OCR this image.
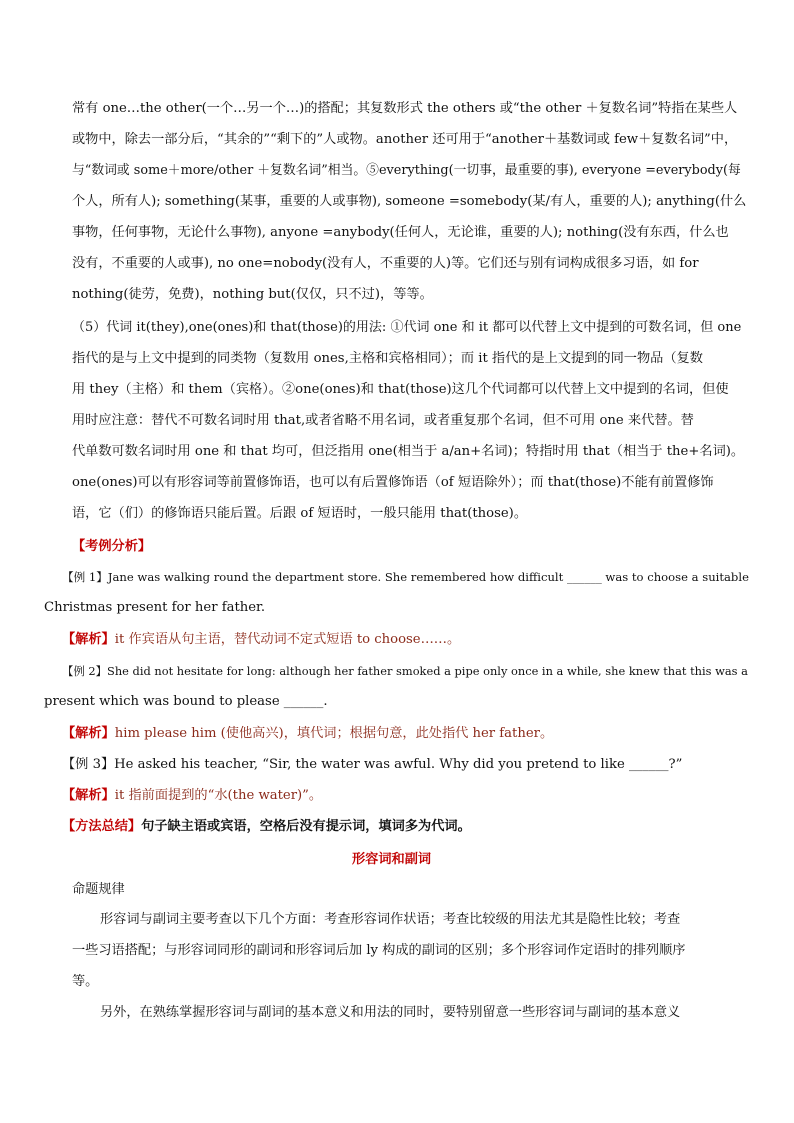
常有 one…the other(一个…另一个…)的搭配；其复数形式 the others 或“the other ＋复数名词”特指在某些人
或物中，除去一部分后，“其余的”“剩下的”人或物。another 还可用于“another＋基数词或 few＋复数名词”中，
与“数词或 some＋more/other ＋复数名词”相当。⑤everything(一切事，最重要的事), everyone =everybody(每
个人，所有人); something(某事，重要的人或事物), someone =somebody(某/有人，重要的人); anything(什么
事物，任何事物，无论什么事物), anyone =anybody(任何人，无论谁，重要的人); nothing(没有东西，什么也
没有，不重要的人或事), no one=nobody(没有人，不重要的人)等。它们还与别有词构成很多习语，如 for
nothing(徒劳，免费)，nothing but(仅仅，只不过)，等等。
（5）代词 it(they),one(ones)和 that(those)的用法: ①代词 one 和 it 都可以代替上文中提到的可数名词，但 one
指代的是与上文中提到的同类物（复数用 ones,主格和宾格相同）；而 it 指代的是上文提到的同一物品（复数
用 they（主格）和 them（宾格）。②one(ones)和 that(those)这几个代词都可以代替上文中提到的名词，但使
用时应注意：替代不可数名词时用 that,或者省略不用名词，或者重复那个名词，但不可用 one 来代替。替
代单数可数名词时用 one 和 that 均可，但泛指用 one(相当于 a/an+名词)；特指时用 that（相当于 the+名词)。
one(ones)可以有形容词等前置修饰语，也可以有后置修饰语（of 短语除外）；而 that(those)不能有前置修饰
语，它（们）的修饰语只能后置。后跟 of 短语时，一般只能用 that(those)。
【考例分析】
【例 1】Jane was walking round the department store. She remembered how difficult ______ was to choose a suitable
Christmas present for her father.
【解析】it 作宾语从句主语，替代动词不定式短语 to choose……。
【例 2】She did not hesitate for long: although her father smoked a pipe only once in a while, she knew that this was a
present which was bound to please ______.
【解析】him please him (使他高兴)，填代词；根据句意，此处指代 her father。
【例 3】He asked his teacher, “Sir, the water was awful. Why did you pretend to like ______?”
【解析】it 指前面提到的“水(the water)”。
【方法总结】句子缺主语或宾语，空格后没有提示词，填词多为代词。
形容词和副词
命题规律
形容词与副词主要考查以下几个方面：考查形容词作状语；考查比较级的用法尤其是隐性比较；考查
一些习语搭配；与形容词同形的副词和形容词后加 ly 构成的副词的区别；多个形容词作定语时的排列顺序
等。
另外，在熟练掌握形容词与副词的基本意义和用法的同时，要特别留意一些形容词与副词的基本意义
